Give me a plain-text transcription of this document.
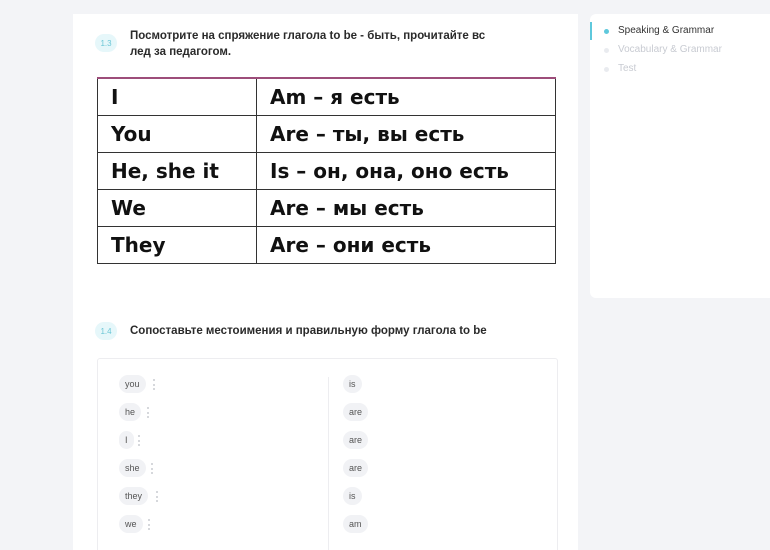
1.3
Посмотрите на спряжение глагола to be - быть, прочитайте вс
лед за педагогом.
I	Am – я есть
You	Are – ты, вы есть
He, she it	Is – он, она, оно есть
We	Are – мы есть
They	Are – они есть
1.4	Сопоставьте местоимения и правильную форму глагола to be
you
he
I
she
they
we
is
are
are
are
is
am
Speaking & Grammar
Vocabulary & Grammar
Test
